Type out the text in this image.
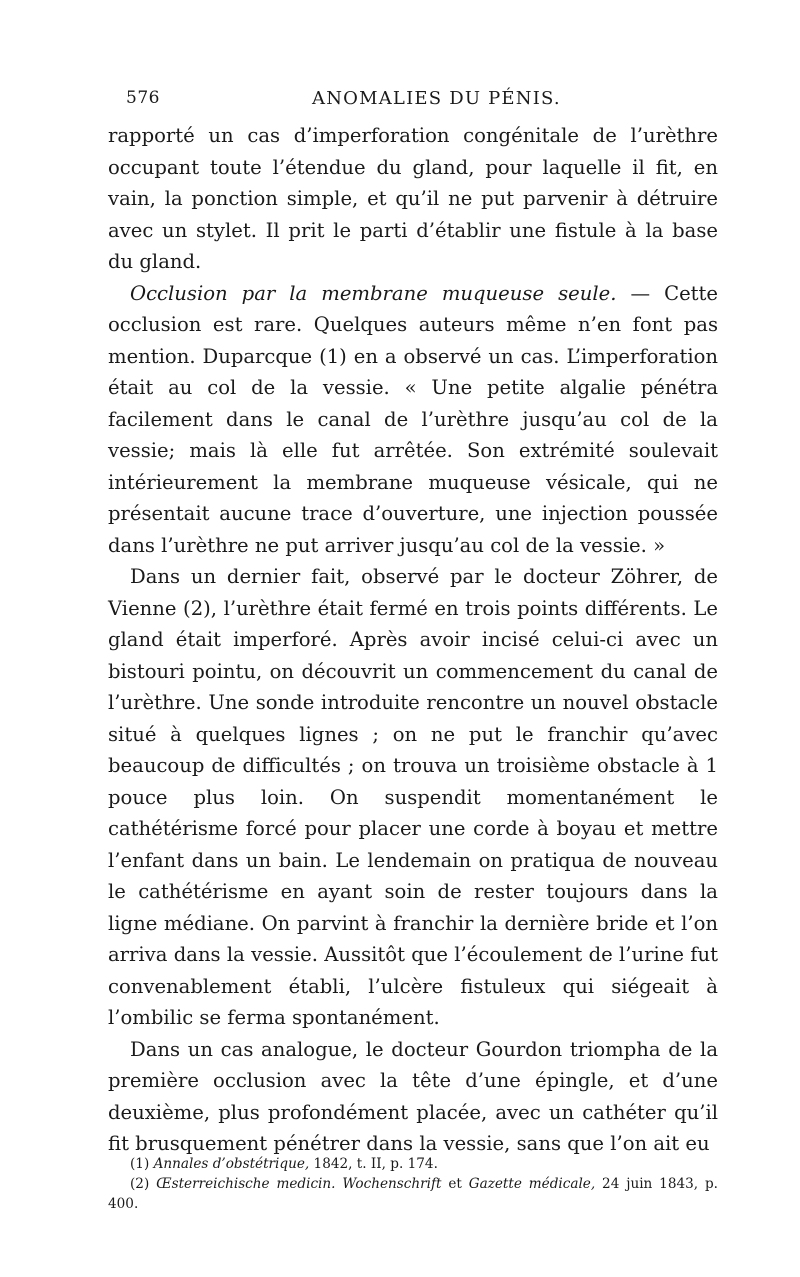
576	ANOMALIES DU PÉNIS.

rapporté un cas d’imperforation congénitale de l’urèthre occupant toute l’étendue du gland, pour laquelle il fit, en vain, la ponction simple, et qu’il ne put parvenir à détruire avec un stylet. Il prit le parti d’établir une fistule à la base du gland.

Occlusion par la membrane muqueuse seule. — Cette occlusion est rare. Quelques auteurs même n’en font pas mention. Duparcque (1) en a observé un cas. L’imperforation était au col de la vessie. « Une petite algalie pénétra facilement dans le canal de l’urèthre jusqu’au col de la vessie; mais là elle fut arrêtée. Son extrémité soulevait intérieurement la membrane muqueuse vésicale, qui ne présentait aucune trace d’ouverture, une injection poussée dans l’urèthre ne put arriver jusqu’au col de la vessie. »

Dans un dernier fait, observé par le docteur Zöhrer, de Vienne (2), l’urèthre était fermé en trois points différents. Le gland était imperforé. Après avoir incisé celui-ci avec un bistouri pointu, on découvrit un commencement du canal de l’urèthre. Une sonde introduite rencontre un nouvel obstacle situé à quelques lignes ; on ne put le franchir qu’avec beaucoup de difficultés ; on trouva un troisième obstacle à 1 pouce plus loin. On suspendit momentanément le cathétérisme forcé pour placer une corde à boyau et mettre l’enfant dans un bain. Le lendemain on pratiqua de nouveau le cathétérisme en ayant soin de rester toujours dans la ligne médiane. On parvint à franchir la dernière bride et l’on arriva dans la vessie. Aussitôt que l’écoulement de l’urine fut convenablement établi, l’ulcère fistuleux qui siégeait à l’ombilic se ferma spontanément.

Dans un cas analogue, le docteur Gourdon triompha de la première occlusion avec la tête d’une épingle, et d’une deuxième, plus profondément placée, avec un cathéter qu’il fit brusquement pénétrer dans la vessie, sans que l’on ait eu

(1) Annales d’obstétrique, 1842, t. II, p. 174.

(2) Œsterreichische medicin. Wochenschrift et Gazette médicale, 24 juin 1843, p. 400.
